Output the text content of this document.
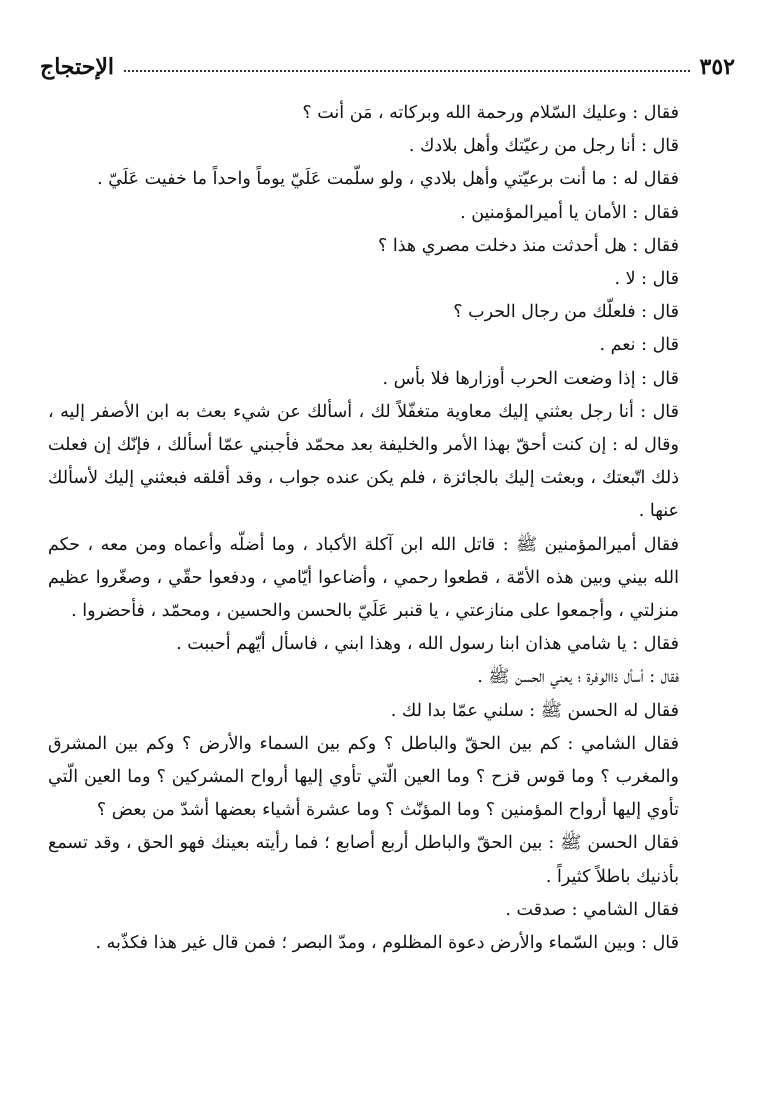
٣٥٢
الإحتجاج

فقال : وعليك السّلام ورحمة الله وبركاته ، مَن أنت ؟

قال : أنا رجل من رعيّتك وأهل بلادك .

فقال له : ما أنت برعيّتي وأهل بلادي ، ولو سلّمت عَلَيّ يوماً واحداً ما خفيت عَلَيّ .

فقال : الأمان يا أميرالمؤمنين .

فقال : هل أحدثت منذ دخلت مصري هذا ؟

قال : لا .

قال : فلعلّك من رجال الحرب ؟

قال : نعم .

قال : إذا وضعت الحرب أوزارها فلا بأس .

قال : أنا رجل بعثني إليك معاوية متغفّلاً لك ، أسألك عن شيء بعث به ابن الأصفر إليه ، وقال له : إن كنت أحقّ بهذا الأمر والخليفة بعد محمّد فأجبني عمّا أسألك ، فإنّك إن فعلت ذلك اتّبعتك ، وبعثت إليك بالجائزة ، فلم يكن عنده جواب ، وقد أقلقه فبعثني إليك لأسألك عنها .

فقال أميرالمؤمنين ﷺ : قاتل الله ابن آكلة الأكباد ، وما أضلّه وأعماه ومن معه ، حكم الله بيني وبين هذه الأمّة ، قطعوا رحمي ، وأضاعوا أيّامي ، ودفعوا حقّي ، وصغّروا عظيم منزلتي ، وأجمعوا على منازعتي ، يا قنبر عَلَيّ بالحسن والحسين ، ومحمّد ، فأحضروا .

فقال : يا شامي هذان ابنا رسول الله ، وهذا ابني ، فاسأل أيّهم أحببت .

فقال : أسأل ذاالوفرة ؛ يعني الحسن ﷺ .

فقال له الحسن ﷺ : سلني عمّا بدا لك .

فقال الشامي : كم بين الحقّ والباطل ؟ وكم بين السماء والأرض ؟ وكم بين المشرق والمغرب ؟ وما قوس قزح ؟ وما العين الّتي تأوي إليها أرواح المشركين ؟ وما العين الّتي تأوي إليها أرواح المؤمنين ؟ وما المؤنّث ؟ وما عشرة أشياء بعضها أشدّ من بعض ؟

فقال الحسن ﷺ : بين الحقّ والباطل أربع أصابع ؛ فما رأيته بعينك فهو الحق ، وقد تسمع بأذنيك باطلاً كثيراً .

فقال الشامي : صدقت .

قال : وبين السّماء والأرض دعوة المظلوم ، ومدّ البصر ؛ فمن قال غير هذا فكذّبه .
